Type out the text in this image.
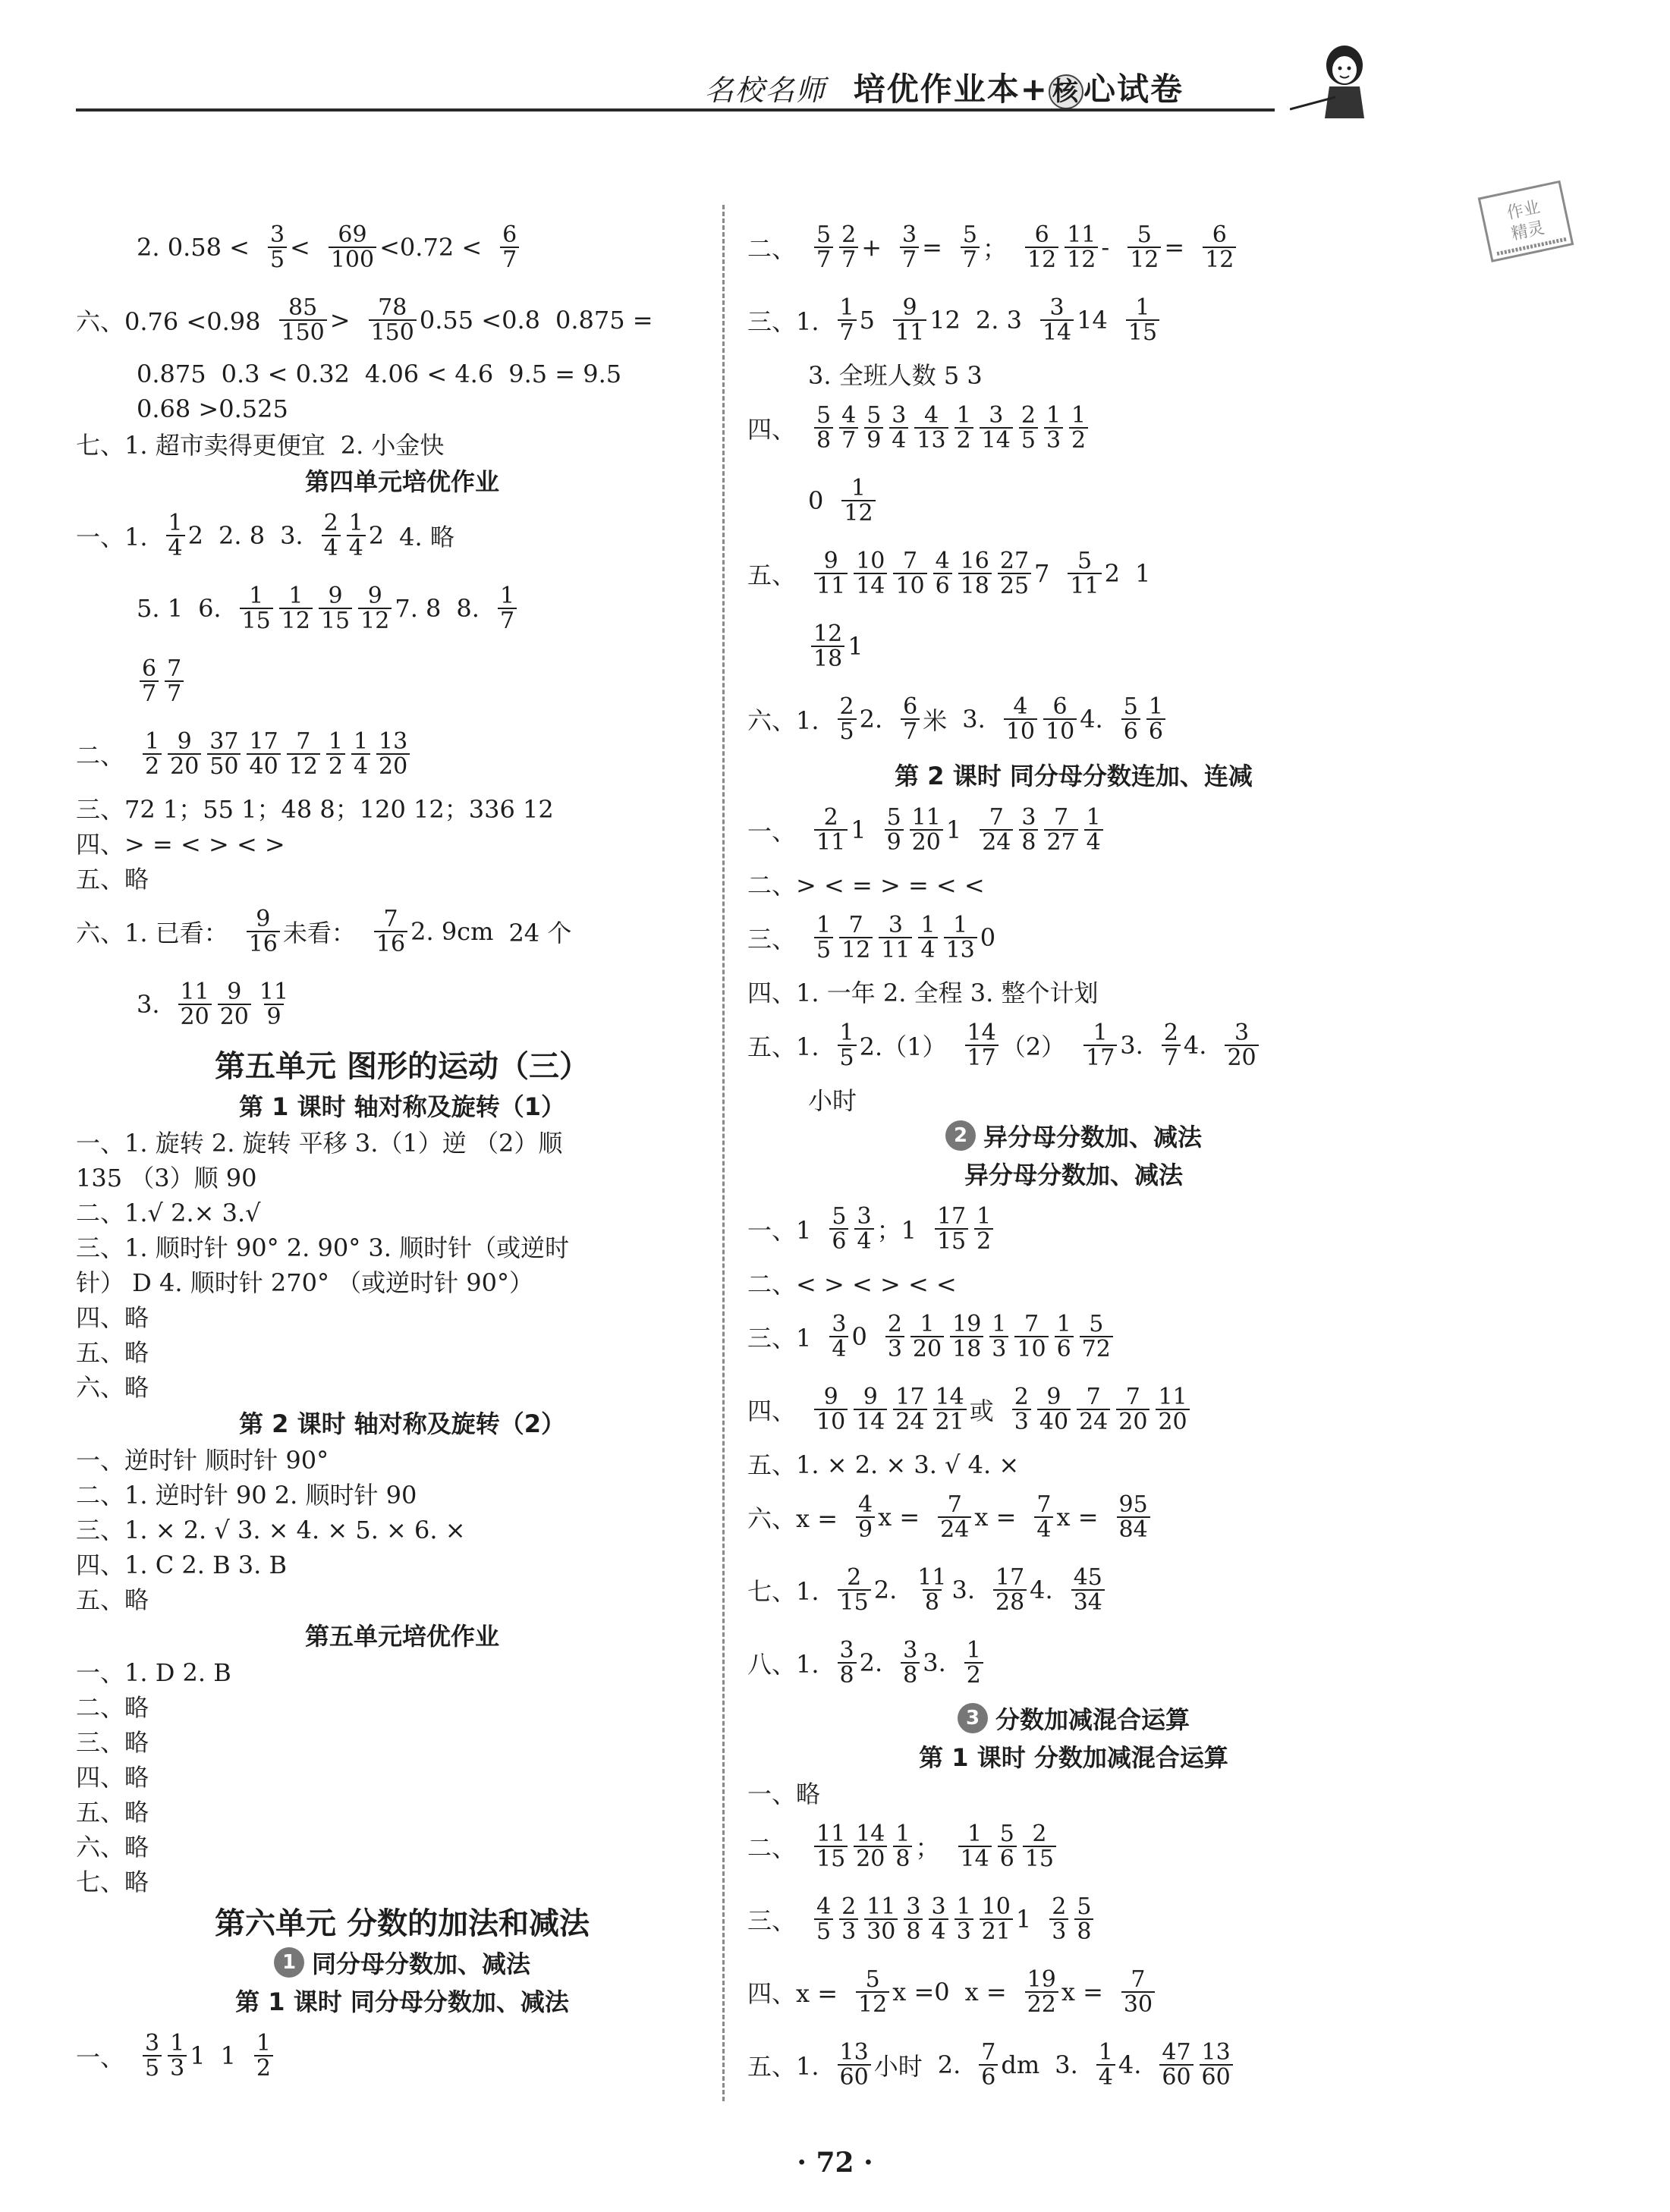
名校名师 培优作业本+ 核 心试卷
作业
精灵
2. $0.58 < \frac{3}{5} < \frac{69}{100} <0.72 < \frac{6}{7}$
六、$0.76 <0.98 \frac{85}{150} > \frac{78}{150} 0.55 <0.8$ 0.875 =
0.875 0.3 < 0.32 4.06 < 4.6 9.5 = 9.5
0.68 >0.525
七、1. 超市卖得更便宜 2. 小金快
第四单元培优作业
一、1. $\frac{1}{4} 2$ 2. 8 3. $\frac{2}{4} \frac{1}{4} 2$ 4. 略
5. 1 6. $\frac{1}{15} \frac{1}{12} \frac{9}{15} \frac{9}{12} 7$. 8 8. $\frac{1}{7}$
$\frac{6}{7} \frac{7}{7}$
二、 $\frac{1}{2} \frac{9}{20} \frac{37}{50} \frac{17}{40} \frac{7}{12} \frac{1}{2} \frac{1}{4} \frac{13}{20}$
三、72 1；55 1；48 8；120 12；336 12
四、> = < > < >
五、略
六、1. 已看： $\frac{9}{16}$ 未看： $\frac{7}{16} 2$. 9cm 24 个
3. $\frac{11}{20} \frac{9}{20} \frac{11}{9}$
第五单元 图形的运动（三）
第 1 课时 轴对称及旋转（1）
一、1. 旋转 2. 旋转 平移 3.（1）逆 （2）顺
135 （3）顺 90
二、1.√ 2.× 3.√
三、1. 顺时针 90° 2. 90° 3. 顺时针（或逆时
针） D 4. 顺时针 270° （或逆时针 90°）
四、略
五、略
六、略
第 2 课时 轴对称及旋转（2）
一、逆时针 顺时针 90°
二、1. 逆时针 90 2. 顺时针 90
三、1. × 2. √ 3. × 4. × 5. × 6. ×
四、1. C 2. B 3. B
五、略
第五单元培优作业
一、1. D 2. B
二、略
三、略
四、略
五、略
六、略
七、略
第六单元 分数的加法和减法
1 同分母分数加、减法
第 1 课时 同分母分数加、减法
一、 $\frac{3}{5} \frac{1}{3} 1$ $1 \frac{1}{2}$
二、 $\frac{5}{7} \frac{2}{7} + \frac{3}{7} = \frac{5}{7}$ ； $\frac{6}{12} \frac{11}{12} - \frac{5}{12} = \frac{6}{12}$
三、1. $\frac{1}{7} 5 \frac{9}{11} 12$ 2. $3 \frac{3}{14} 14 \frac{1}{15}$
3. 全班人数 5 3
四、 $\frac{5}{8} \frac{4}{7} \frac{5}{9} \frac{3}{4} \frac{4}{13} \frac{1}{2} \frac{3}{14} \frac{2}{5} \frac{1}{3} \frac{1}{2}$
$0 \frac{1}{12}$
五、 $\frac{9}{11} \frac{10}{14} \frac{7}{10} \frac{4}{6} \frac{16}{18} \frac{27}{25} 7 \frac{5}{11} 2$ 1
$\frac{12}{18} 1$
六、1. $\frac{2}{5} 2$. $\frac{6}{7}$ 米 3. $\frac{4}{10} \frac{6}{10} 4$. $\frac{5}{6} \frac{1}{6}$
第 2 课时 同分母分数连加、连减
一、 $\frac{2}{11} 1 \frac{5}{9} \frac{11}{20} 1 \frac{7}{24} \frac{3}{8} \frac{7}{27} \frac{1}{4}$
二、> < = > = < <
三、 $\frac{1}{5} \frac{7}{12} \frac{3}{11} \frac{1}{4} \frac{1}{13} 0$
四、1. 一年 2. 全程 3. 整个计划
五、1. $\frac{1}{5} 2.(1) \frac{14}{17} (2) \frac{1}{17} 3$. $\frac{2}{7} 4$. $\frac{3}{20}$
小时
2 异分母分数加、减法
异分母分数加、减法
一、$1 \frac{5}{6} \frac{3}{4}$ ；$1 \frac{17}{15} \frac{1}{2}$
二、< > < > < <
三、$1 \frac{3}{4} 0 \frac{2}{3} \frac{1}{20} \frac{19}{18} \frac{1}{3} \frac{7}{10} \frac{1}{6} \frac{5}{72}$
四、 $\frac{9}{10} \frac{9}{14} \frac{17}{24} \frac{14}{21}$ 或 $\frac{2}{3} \frac{9}{40} \frac{7}{24} \frac{7}{20} \frac{11}{20}$
五、1. × 2. × 3. √ 4. ×
六、$x = \frac{4}{9}$ $x = \frac{7}{24}$ $x = \frac{7}{4}$ $x = \frac{95}{84}$
七、1. $\frac{2}{15} 2$. $\frac{11}{8} 3$. $\frac{17}{28} 4$. $\frac{45}{34}$
八、1. $\frac{3}{8} 2$. $\frac{3}{8} 3$. $\frac{1}{2}$
3 分数加减混合运算
第 1 课时 分数加减混合运算
一、略
二、 $\frac{11}{15} \frac{14}{20} \frac{1}{8}$ ； $\frac{1}{14} \frac{5}{6} \frac{2}{15}$
三、 $\frac{4}{5} \frac{2}{3} \frac{11}{30} \frac{3}{8} \frac{3}{4} \frac{1}{3} \frac{10}{21} 1 \frac{2}{3} \frac{5}{8}$
四、$x = \frac{5}{12}$ x =0 $x = \frac{19}{22}$ $x = \frac{7}{30}$
五、1. $\frac{13}{60}$ 小时 2. $\frac{7}{6}$ dm 3. $\frac{1}{4} 4$. $\frac{47}{60} \frac{13}{60}$
· 72 ·
